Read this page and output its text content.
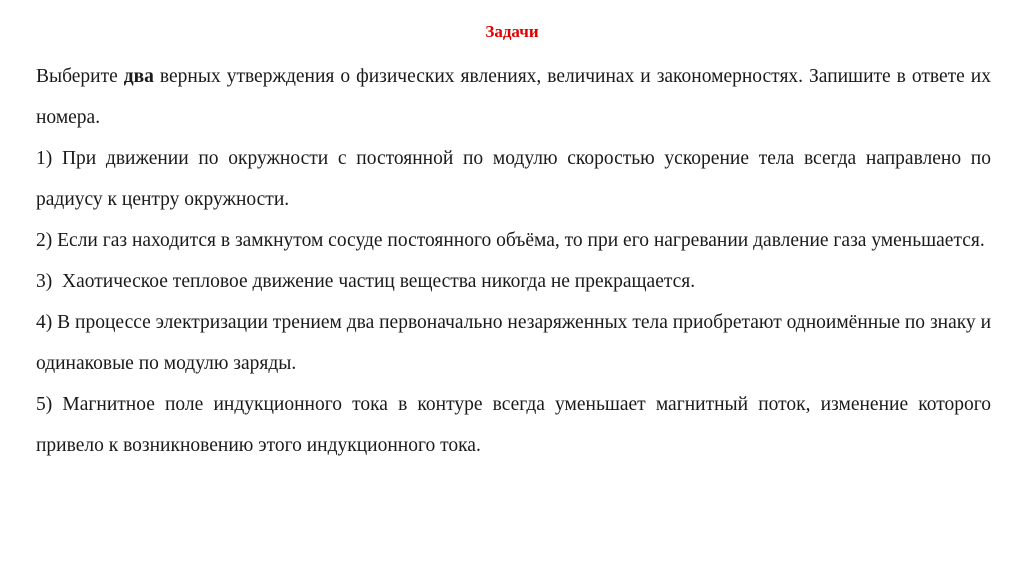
Задачи

Выберите два верных утверждения о физических явлениях, величинах и закономерностях. Запишите в ответе их номера.

1) При движении по окружности с постоянной по модулю скоростью ускорение тела всегда направлено по радиусу к центру окружности.

2) Если газ находится в замкнутом сосуде постоянного объёма, то при его нагревании давление газа уменьшается.

3) Хаотическое тепловое движение частиц вещества никогда не прекращается.

4) В процессе электризации трением два первоначально незаряженных тела приобретают одноимённые по знаку и одинаковые по модулю заряды.

5) Магнитное поле индукционного тока в контуре всегда уменьшает магнитный поток, изменение которого привело к возникновению этого индукционного тока.
